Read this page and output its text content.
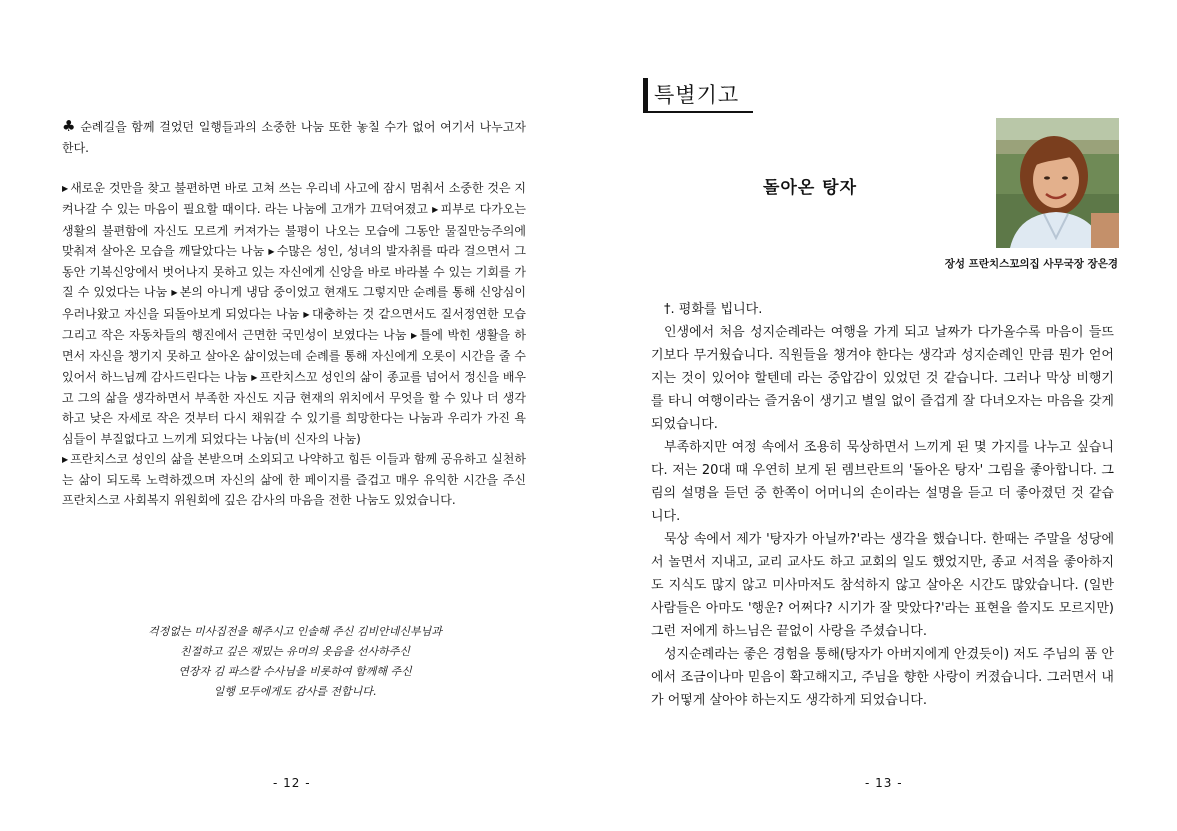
♣ 순례길을 함께 걸었던 일행들과의 소중한 나눔 또한 놓칠 수가 없어 여기서 나누고자 한다.

▶ 새로운 것만을 찾고 불편하면 바로 고쳐 쓰는 우리네 사고에 잠시 멈춰서 소중한 것은 지켜나갈 수 있는 마음이 필요할 때이다. 라는 나눔에 고개가 끄덕여졌고 ▶ 피부로 다가오는 생활의 불편함에 자신도 모르게 커져가는 불평이 나오는 모습에 그동안 물질만능주의에 맞춰져 살아온 모습을 깨달았다는 나눔 ▶ 수많은 성인, 성녀의 발자취를 따라 걸으면서 그동안 기복신앙에서 벗어나지 못하고 있는 자신에게 신앙을 바로 바라볼 수 있는 기회를 가질 수 있었다는 나눔 ▶ 본의 아니게 냉담 중이었고 현재도 그렇지만 순례를 통해 신앙심이 우러나왔고 자신을 되돌아보게 되었다는 나눔 ▶ 대충하는 것 같으면서도 질서정연한 모습 그리고 작은 자동차들의 행진에서 근면한 국민성이 보였다는 나눔 ▶ 틀에 박힌 생활을 하면서 자신을 챙기지 못하고 살아온 삶이었는데 순례를 통해 자신에게 오롯이 시간을 줄 수 있어서 하느님께 감사드린다는 나눔 ▶ 프란치스꼬 성인의 삶이 종교를 넘어서 정신을 배우고 그의 삶을 생각하면서 부족한 자신도 지금 현재의 위치에서 무엇을 할 수 있나 더 생각하고 낮은 자세로 작은 것부터 다시 채워갈 수 있기를 희망한다는 나눔과 우리가 가진 욕심들이 부질없다고 느끼게 되었다는 나눔(비 신자의 나눔)

▶ 프란치스코 성인의 삶을 본받으며 소외되고 나약하고 힘든 이들과 함께 공유하고 실천하는 삶이 되도록 노력하겠으며 자신의 삶에 한 페이지를 즐겁고 매우 유익한 시간을 주신 프란치스코 사회복지 위원회에 깊은 감사의 마음을 전한 나눔도 있었습니다.

걱정없는 미사집전을 해주시고 인솔해 주신 김비안네신부님과
친절하고 깊은 재밌는 유머의 옷음을 선사하주신
연장자 김 파스칼 수사님을 비롯하여 함께해 주신
일행 모두에게도 감사를 전합니다.
- 12 -
특별기고
돌아온 탕자
장성 프란치스꼬의집 사무국장 장은경

†. 평화를 빕니다.

인생에서 처음 성지순례라는 여행을 가게 되고 날짜가 다가올수록 마음이 들뜨기보다 무거웠습니다. 직원들을 챙겨야 한다는 생각과 성지순례인 만큼 뭔가 얻어지는 것이 있어야 할텐데 라는 중압감이 있었던 것 같습니다. 그러나 막상 비행기를 타니 여행이라는 즐거움이 생기고 별일 없이 즐겁게 잘 다녀오자는 마음을 갖게 되었습니다.

부족하지만 여정 속에서 조용히 묵상하면서 느끼게 된 몇 가지를 나누고 싶습니다. 저는 20대 때 우연히 보게 된 렘브란트의 '돌아온 탕자' 그림을 좋아합니다. 그림의 설명을 듣던 중 한쪽이 어머니의 손이라는 설명을 듣고 더 좋아졌던 것 같습니다.

묵상 속에서 제가 '탕자가 아닐까?'라는 생각을 했습니다. 한때는 주말을 성당에서 놀면서 지내고, 교리 교사도 하고 교회의 일도 했었지만, 종교 서적을 좋아하지도 지식도 많지 않고 미사마저도 참석하지 않고 살아온 시간도 많았습니다. (일반 사람들은 아마도 '행운? 어쩌다? 시기가 잘 맞았다?'라는 표현을 쓸지도 모르지만) 그런 저에게 하느님은 끝없이 사랑을 주셨습니다.

성지순례라는 좋은 경험을 통해(탕자가 아버지에게 안겼듯이) 저도 주님의 품 안에서 조금이나마 믿음이 확고해지고, 주님을 향한 사랑이 커졌습니다. 그러면서 내가 어떻게 살아야 하는지도 생각하게 되었습니다.

- 13 -
